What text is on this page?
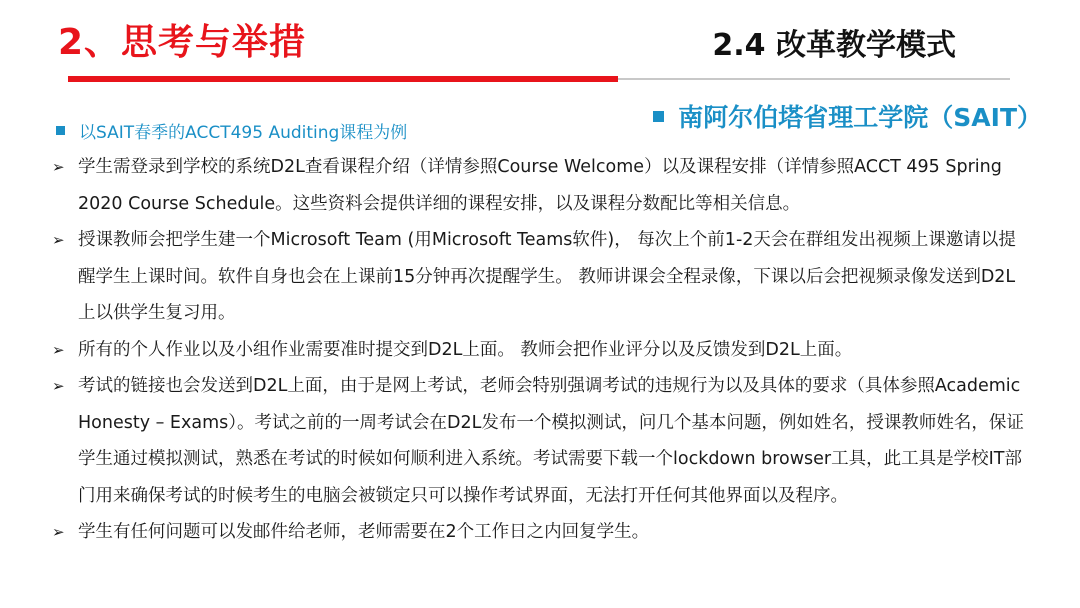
2、思考与举措	2.4 改革教学模式
南阿尔伯塔省理工学院（SAIT）
以SAIT春季的ACCT495 Auditing课程为例
➢ 学生需登录到学校的系统D2L查看课程介绍（详情参照Course Welcome）以及课程安排（详情参照ACCT 495 Spring 2020 Course Schedule。这些资料会提供详细的课程安排，以及课程分数配比等相关信息。
➢ 授课教师会把学生建一个Microsoft Team (用Microsoft Teams软件)， 每次上个前1-2天会在群组发出视频上课邀请以提醒学生上课时间。软件自身也会在上课前15分钟再次提醒学生。 教师讲课会全程录像，下课以后会把视频录像发送到D2L上以供学生复习用。
➢ 所有的个人作业以及小组作业需要准时提交到D2L上面。 教师会把作业评分以及反馈发到D2L上面。
➢ 考试的链接也会发送到D2L上面，由于是网上考试，老师会特别强调考试的违规行为以及具体的要求（具体参照Academic Honesty – Exams）。考试之前的一周考试会在D2L发布一个模拟测试，问几个基本问题，例如姓名，授课教师姓名，保证学生通过模拟测试，熟悉在考试的时候如何顺利进入系统。考试需要下载一个lockdown browser工具，此工具是学校IT部门用来确保考试的时候考生的电脑会被锁定只可以操作考试界面，无法打开任何其他界面以及程序。
➢ 学生有任何问题可以发邮件给老师，老师需要在2个工作日之内回复学生。
